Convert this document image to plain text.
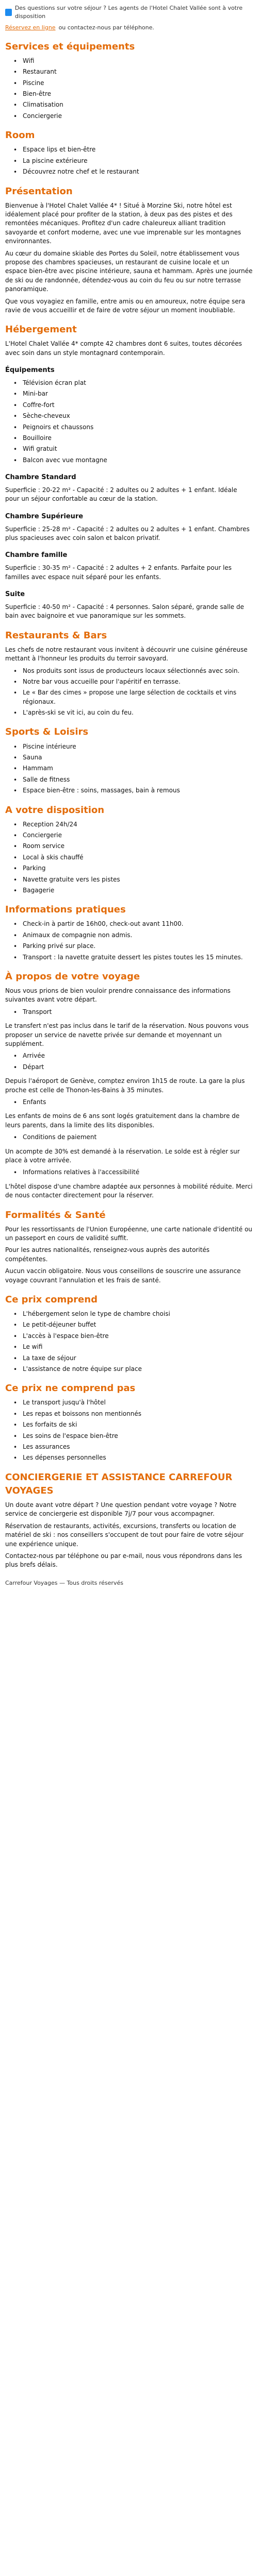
Des questions sur votre séjour ? Les agents de l'Hotel Chalet Vallée sont à votre disposition
Réservez en ligne ou contactez-nous par téléphone.
Services et équipements
• Wifi
• Restaurant
• Piscine
• Bien-être
• Climatisation
• Conciergerie
Room
• Espace lips et bien-être
• La piscine extérieure
• Découvrez notre chef et le restaurant
Présentation

Bienvenue à l'Hotel Chalet Vallée 4* ! Situé à Morzine Ski, notre hôtel est idéalement placé pour profiter de la station, à deux pas des pistes et des remontées mécaniques. Profitez d'un cadre chaleureux alliant tradition savoyarde et confort moderne, avec une vue imprenable sur les montagnes environnantes.

Au cœur du domaine skiable des Portes du Soleil, notre établissement vous propose des chambres spacieuses, un restaurant de cuisine locale et un espace bien-être avec piscine intérieure, sauna et hammam. Après une journée de ski ou de randonnée, détendez-vous au coin du feu ou sur notre terrasse panoramique.

Que vous voyagiez en famille, entre amis ou en amoureux, notre équipe sera ravie de vous accueillir et de faire de votre séjour un moment inoubliable.

Hébergement

L'Hotel Chalet Vallée 4* compte 42 chambres dont 6 suites, toutes décorées avec soin dans un style montagnard contemporain.

Équipements
• Télévision écran plat
• Mini-bar
• Coffre-fort
• Sèche-cheveux
• Peignoirs et chaussons
• Bouilloire
• Wifi gratuit
• Balcon avec vue montagne
Chambre Standard

Superficie : 20-22 m² - Capacité : 2 adultes ou 2 adultes + 1 enfant. Idéale pour un séjour confortable au cœur de la station.

Chambre Supérieure

Superficie : 25-28 m² - Capacité : 2 adultes ou 2 adultes + 1 enfant. Chambres plus spacieuses avec coin salon et balcon privatif.

Chambre famille

Superficie : 30-35 m² - Capacité : 2 adultes + 2 enfants. Parfaite pour les familles avec espace nuit séparé pour les enfants.

Suite

Superficie : 40-50 m² - Capacité : 4 personnes. Salon séparé, grande salle de bain avec baignoire et vue panoramique sur les sommets.

Restaurants & Bars

Les chefs de notre restaurant vous invitent à découvrir une cuisine généreuse mettant à l'honneur les produits du terroir savoyard.

• Nos produits sont issus de producteurs locaux sélectionnés avec soin.
• Notre bar vous accueille pour l'apéritif en terrasse.
• Le « Bar des cimes » propose une large sélection de cocktails et vins régionaux.
• L'après-ski se vit ici, au coin du feu.
Sports & Loisirs
• Piscine intérieure
• Sauna
• Hammam
• Salle de fitness
• Espace bien-être : soins, massages, bain à remous
A votre disposition
• Reception 24h/24
• Conciergerie
• Room service
• Local à skis chauffé
• Parking
• Navette gratuite vers les pistes
• Bagagerie
Informations pratiques
• Check-in à partir de 16h00, check-out avant 11h00.
• Animaux de compagnie non admis.
• Parking privé sur place.
• Transport : la navette gratuite dessert les pistes toutes les 15 minutes.
À propos de votre voyage

Nous vous prions de bien vouloir prendre connaissance des informations suivantes avant votre départ.

• Transport

Le transfert n'est pas inclus dans le tarif de la réservation. Nous pouvons vous proposer un service de navette privée sur demande et moyennant un supplément.

• Arrivée
• Départ

Depuis l'aéroport de Genève, comptez environ 1h15 de route. La gare la plus proche est celle de Thonon-les-Bains à 35 minutes.

• Enfants

Les enfants de moins de 6 ans sont logés gratuitement dans la chambre de leurs parents, dans la limite des lits disponibles.

• Conditions de paiement

Un acompte de 30% est demandé à la réservation. Le solde est à régler sur place à votre arrivée.

• Informations relatives à l'accessibilité

L'hôtel dispose d'une chambre adaptée aux personnes à mobilité réduite. Merci de nous contacter directement pour la réserver.

Formalités & Santé

Pour les ressortissants de l'Union Européenne, une carte nationale d'identité ou un passeport en cours de validité suffit.

Pour les autres nationalités, renseignez-vous auprès des autorités compétentes.

Aucun vaccin obligatoire. Nous vous conseillons de souscrire une assurance voyage couvrant l'annulation et les frais de santé.

Ce prix comprend
• L'hébergement selon le type de chambre choisi
• Le petit-déjeuner buffet
• L'accès à l'espace bien-être
• Le wifi
• La taxe de séjour
• L'assistance de notre équipe sur place
Ce prix ne comprend pas
• Le transport jusqu'à l'hôtel
• Les repas et boissons non mentionnés
• Les forfaits de ski
• Les soins de l'espace bien-être
• Les assurances
• Les dépenses personnelles
CONCIERGERIE ET ASSISTANCE CARREFOUR VOYAGES

Un doute avant votre départ ? Une question pendant votre voyage ? Notre service de conciergerie est disponible 7j/7 pour vous accompagner.

Réservation de restaurants, activités, excursions, transferts ou location de matériel de ski : nos conseillers s'occupent de tout pour faire de votre séjour une expérience unique.

Contactez-nous par téléphone ou par e-mail, nous vous répondrons dans les plus brefs délais.

Carrefour Voyages — Tous droits réservés
